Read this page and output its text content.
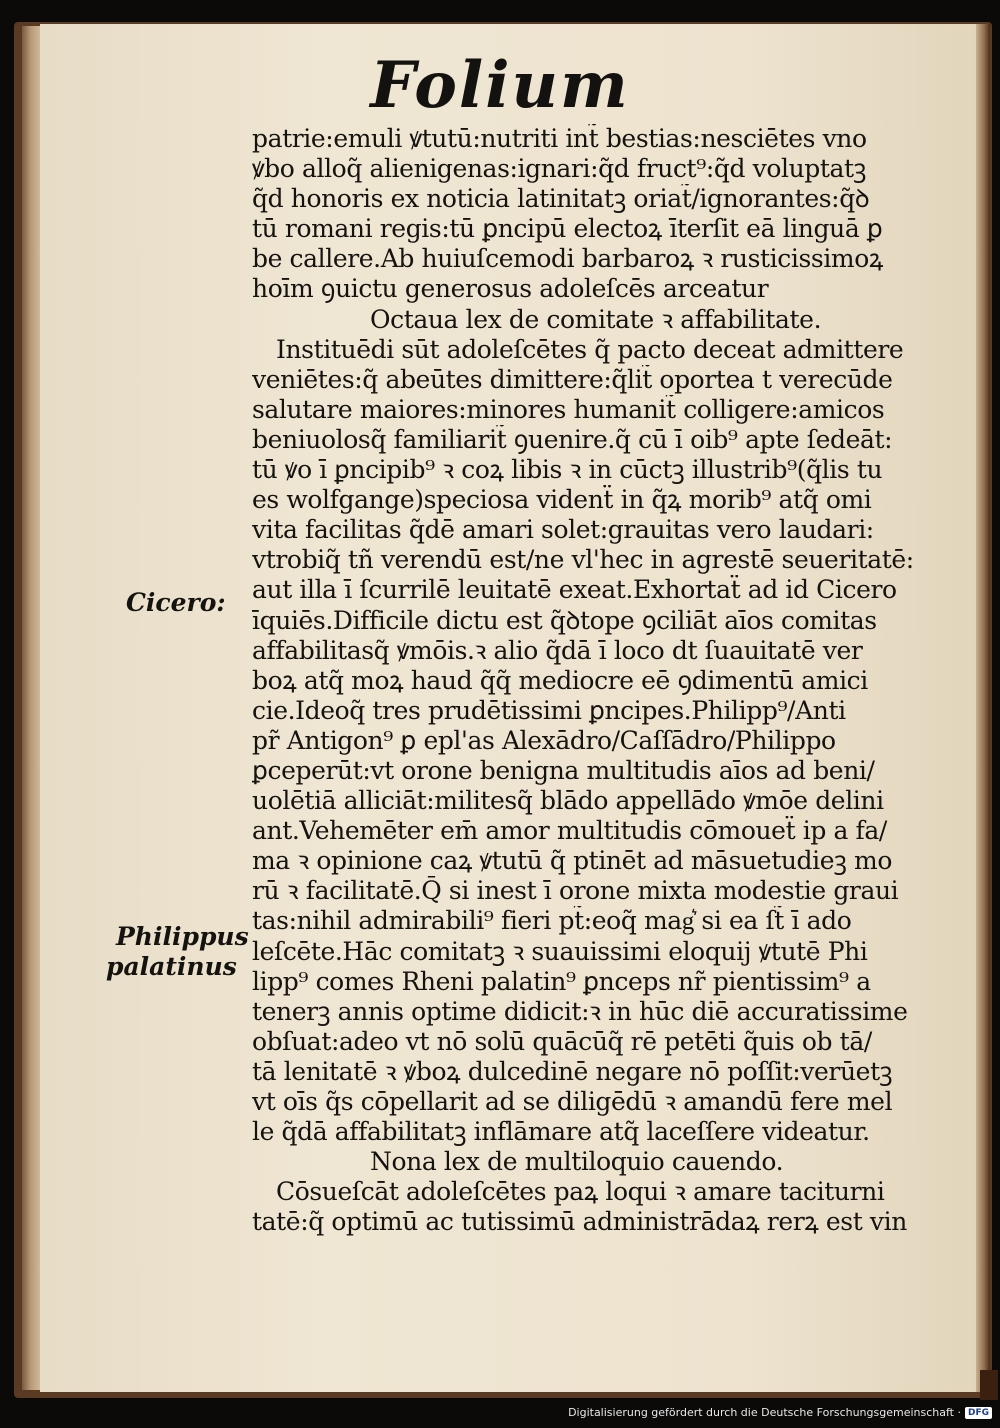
Folium
patrie:emuli ꝟtutū:nutriti int̃ bestias:nesciētes vno
ꝟbo alloq̃ alienigenas:ignari:q̃d fruct⁹:q̃d voluptatꝫ
q̃d honoris ex noticia latinitatꝫ oriat̃/ignorantes:q̃ꝺ
tū romani regis:tū ꝑncipū electoꝝ īterſit eā linguā ꝑ
be callere.Ab huiuſcemodi barbaroꝝ ꝛ rusticissimoꝝ
hoīm ꝯuictu generosus adoleſcēs arceatur
Octaua lex de comitate ꝛ affabilitate.
Instituēdi sūt adoleſcētes q̃ pacto deceat admittere
veniētes:q̃ abeūtes dimittere:q̃lit̃ oportea t verecūde
salutare maiores:minores humanit̃ colligere:amicos
beniuolosq̃ familiarit̃ ꝯuenire.q̃ cū ī oib⁹ apte ſedeāt:
tū ꝟo ī ꝑncipib⁹ ꝛ coꝝ libis ꝛ in cūctꝫ illustrib⁹(q̃lis tu
es wolfgange)speciosa videnẗ in q̃ꝝ morib⁹ atq̃ omi
vita facilitas q̃dē amari solet:grauitas vero laudari:
vtrobiq̃ tñ verendū est/ne vl'hec in agrestē seueritatē:
aut illa ī ſcurrilē leuitatē exeat.Exhortaẗ ad id Cicero
īquiēs.Difficile dictu est q̃ꝺtope ꝯciliāt aīos comitas
affabilitasq̃ ꝟmōis.ꝛ alio q̃dā ī loco dt ſuauitatē ver
boꝝ atq̃ moꝝ haud q̃q̃ mediocre eē ꝯdimentū amici
cie.Ideoq̃ tres prudētissimi ꝑncipes.Philipp⁹/Anti
pr̃ Antigon⁹ ꝑ epl'as Alexādro/Caſſādro/Philippo
ꝑceperūt:vt orone benigna multitudis aīos ad beni/
uolētiā alliciāt:militesq̃ blādo appellādo ꝟmōe delini
ant.Vehemēter em̄ amor multitudis cōmoueẗ ip a fa/
ma ꝛ opinione caꝝ ꝟtutū q̃ ptinēt ad māsuetudieꝫ mo
rū ꝛ facilitatē.Q̄ si inest ī orone mixta modestie graui
tas:nihil admirabili⁹ fieri pt̃:eoq̃ mag͛ si ea ſt̃ ī ado
leſcēte.Hāc comitatꝫ ꝛ suauissimi eloquij ꝟtutē Phi
lipp⁹ comes Rheni palatin⁹ ꝑnceps nr̃ pientissim⁹ a
tenerꝫ annis optime didicit:ꝛ in hūc diē accuratissime
obſuat:adeo vt nō solū quācūq̃ rē petēti q̃uis ob tā/
tā lenitatē ꝛ ꝟboꝝ dulcedinē negare nō poſſit:verūetꝫ
vt oīs q̃s cōpellarit ad se diligēdū ꝛ amandū fere mel
le q̃dā affabilitatꝫ inflāmare atq̃ laceſſere videatur.
Nona lex de multiloquio cauendo.
Cōsueſcāt adoleſcētes paꝝ loqui ꝛ amare taciturni
tatē:q̃ optimū ac tutissimū administrādaꝝ rerꝝ est vin
Cicero:
Philippus
palatinus
Digitalisierung gefördert durch die Deutsche Forschungsgemeinschaft · DFG
